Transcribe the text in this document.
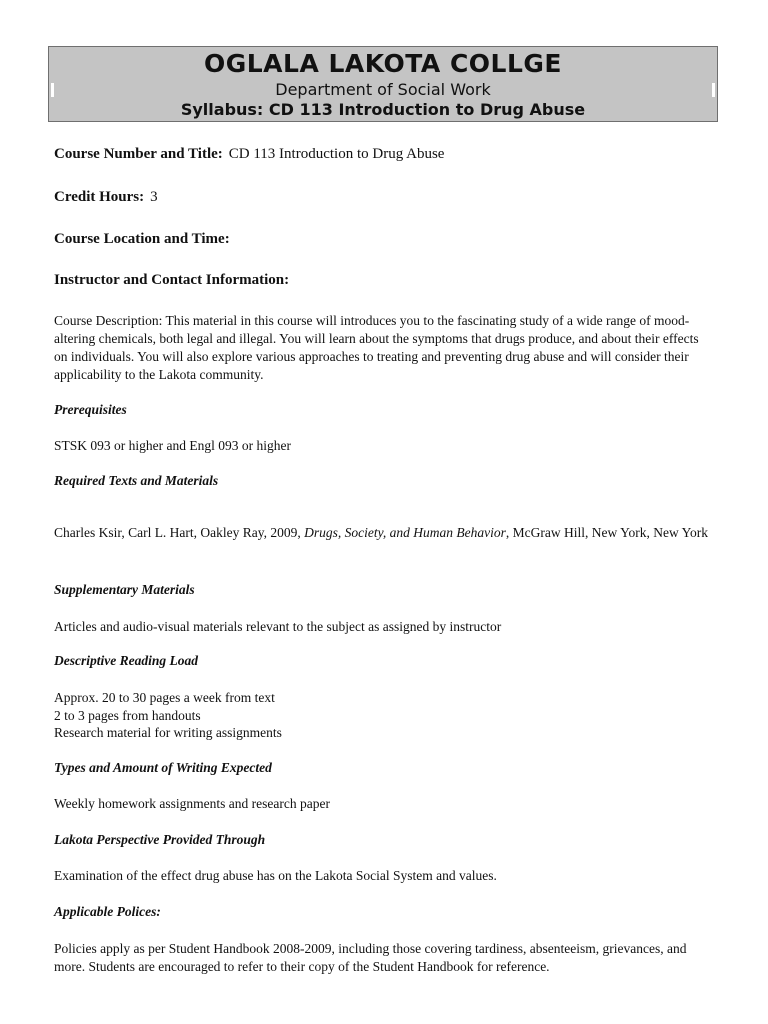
OGLALA LAKOTA COLLGE
Department of Social Work
Syllabus: CD 113 Introduction to Drug Abuse
Course Number and Title: CD 113 Introduction to Drug Abuse
Credit Hours: 3
Course Location and Time:
Instructor and Contact Information:

Course Description: This material in this course will introduces you to the fascinating study of a wide range of mood-altering chemicals, both legal and illegal. You will learn about the symptoms that drugs produce, and about their effects on individuals. You will also explore various approaches to treating and preventing drug abuse and will consider their applicability to the Lakota community.

Prerequisites
STSK 093 or higher and Engl 093 or higher
Required Texts and Materials

Charles Ksir, Carl L. Hart, Oakley Ray, 2009, Drugs, Society, and Human Behavior, McGraw Hill, New York, New York

Supplementary Materials
Articles and audio-visual materials relevant to the subject as assigned by instructor
Descriptive Reading Load
Approx. 20 to 30 pages a week from text
2 to 3 pages from handouts
Research material for writing assignments
Types and Amount of Writing Expected
Weekly homework assignments and research paper
Lakota Perspective Provided Through
Examination of the effect drug abuse has on the Lakota Social System and values.
Applicable Polices:

Policies apply as per Student Handbook 2008-2009, including those covering tardiness, absenteeism, grievances, and more. Students are encouraged to refer to their copy of the Student Handbook for reference.
